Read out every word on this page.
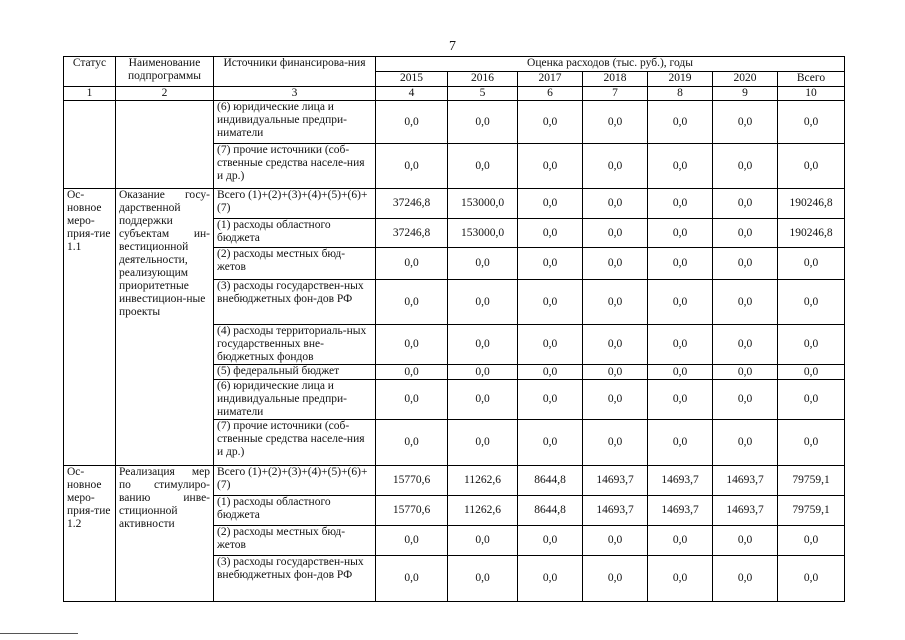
7
Статус	Наименование подпрограммы	Источники финансирова-ния	Оценка расходов (тыс. руб.), годы						
			2015	2016	2017	2018	2019	2020	Всего
1	2	3	4	5	6	7	8	9	10
		(6) юридические лица и индивидуальные предпри-ниматели	0,0	0,0	0,0	0,0	0,0	0,0	0,0
		(7) прочие источники (соб-ственные средства населе-ния и др.)	0,0	0,0	0,0	0,0	0,0	0,0	0,0
Ос-новное меро-прия-тие 1.1	Оказание госу-дарственной поддержки субъектам ин-вестиционной деятельности, реализующим приоритетные инвестицион-ные проекты	Всего (1)+(2)+(3)+(4)+(5)+(6)+(7)	37246,8	153000,0	0,0	0,0	0,0	0,0	190246,8
		(1) расходы областного бюджета	37246,8	153000,0	0,0	0,0	0,0	0,0	190246,8
		(2) расходы местных бюд-жетов	0,0	0,0	0,0	0,0	0,0	0,0	0,0
		(3) расходы государствен-ных внебюджетных фон-дов РФ	0,0	0,0	0,0	0,0	0,0	0,0	0,0
		(4) расходы территориаль-ных государственных вне-бюджетных фондов	0,0	0,0	0,0	0,0	0,0	0,0	0,0
		(5) федеральный бюджет	0,0	0,0	0,0	0,0	0,0	0,0	0,0
		(6) юридические лица и индивидуальные предпри-ниматели	0,0	0,0	0,0	0,0	0,0	0,0	0,0
		(7) прочие источники (соб-ственные средства населе-ния и др.)	0,0	0,0	0,0	0,0	0,0	0,0	0,0
Ос-новное меро-прия-тие 1.2	Реализация мер по стимулиро-ванию инве-стиционной активности	Всего (1)+(2)+(3)+(4)+(5)+(6)+(7)	15770,6	11262,6	8644,8	14693,7	14693,7	14693,7	79759,1
		(1) расходы областного бюджета	15770,6	11262,6	8644,8	14693,7	14693,7	14693,7	79759,1
		(2) расходы местных бюд-жетов	0,0	0,0	0,0	0,0	0,0	0,0	0,0
		(3) расходы государствен-ных внебюджетных фон-дов РФ	0,0	0,0	0,0	0,0	0,0	0,0	0,0
